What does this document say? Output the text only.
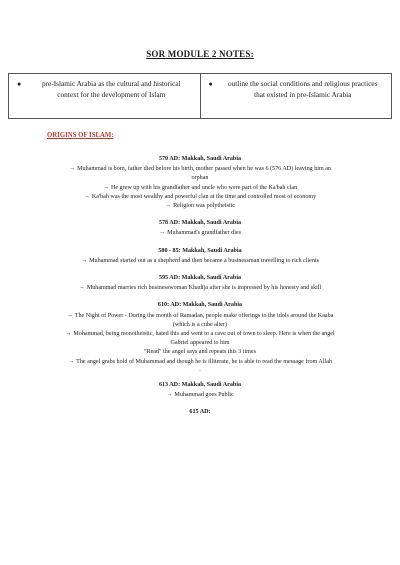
SOR MODULE 2 NOTES:
●	pre-Islamic Arabia as the cultural and historical context for the development of Islam
●	outline the social conditions and religious practices that existed in pre-Islamic Arabia
ORIGINS OF ISLAM:
570 AD: Makkah, Saudi Arabia
→ Muhammad is born, father died before his birth, mother passed when he was 6 (576 AD) leaving him an orphan
→ He grew up with his grandfather and uncle who were part of the Ka'bah clan
→ Ka'bah was the most wealthy and powerful clan at the time and controlled most of economy
→ Religion was polytheistic
578 AD: Makkah, Saudi Arabia
→ Muhammad's grandfather dies
580 - 85: Makkah, Saudi Arabia
→ Muhammad started out as a shepherd and then became a businessman travelling to rich clients
595 AD: Makkah, Saudi Arabia
→ Muhammad marries rich businesswoman Khadija after she is impressed by his honesty and skill
610: AD: Makkah, Saudi Arabia
→ The Night of Power - During the month of Ramadan, people make offerings to the idols around the Kaaba (which is a cube alter)
→ Mohammad, being monotheistic, hated this and went to a cave out of town to sleep. Here is when the angel Gabriel appeared to him
"Read" the angel says and repeats this 3 times
→ The angel grabs hold of Muhammad and though he is illiterate, he is able to read the message from Allah
.
613 AD: Makkah, Saudi Arabia
→ Muhammad goes Public
615 AD:
